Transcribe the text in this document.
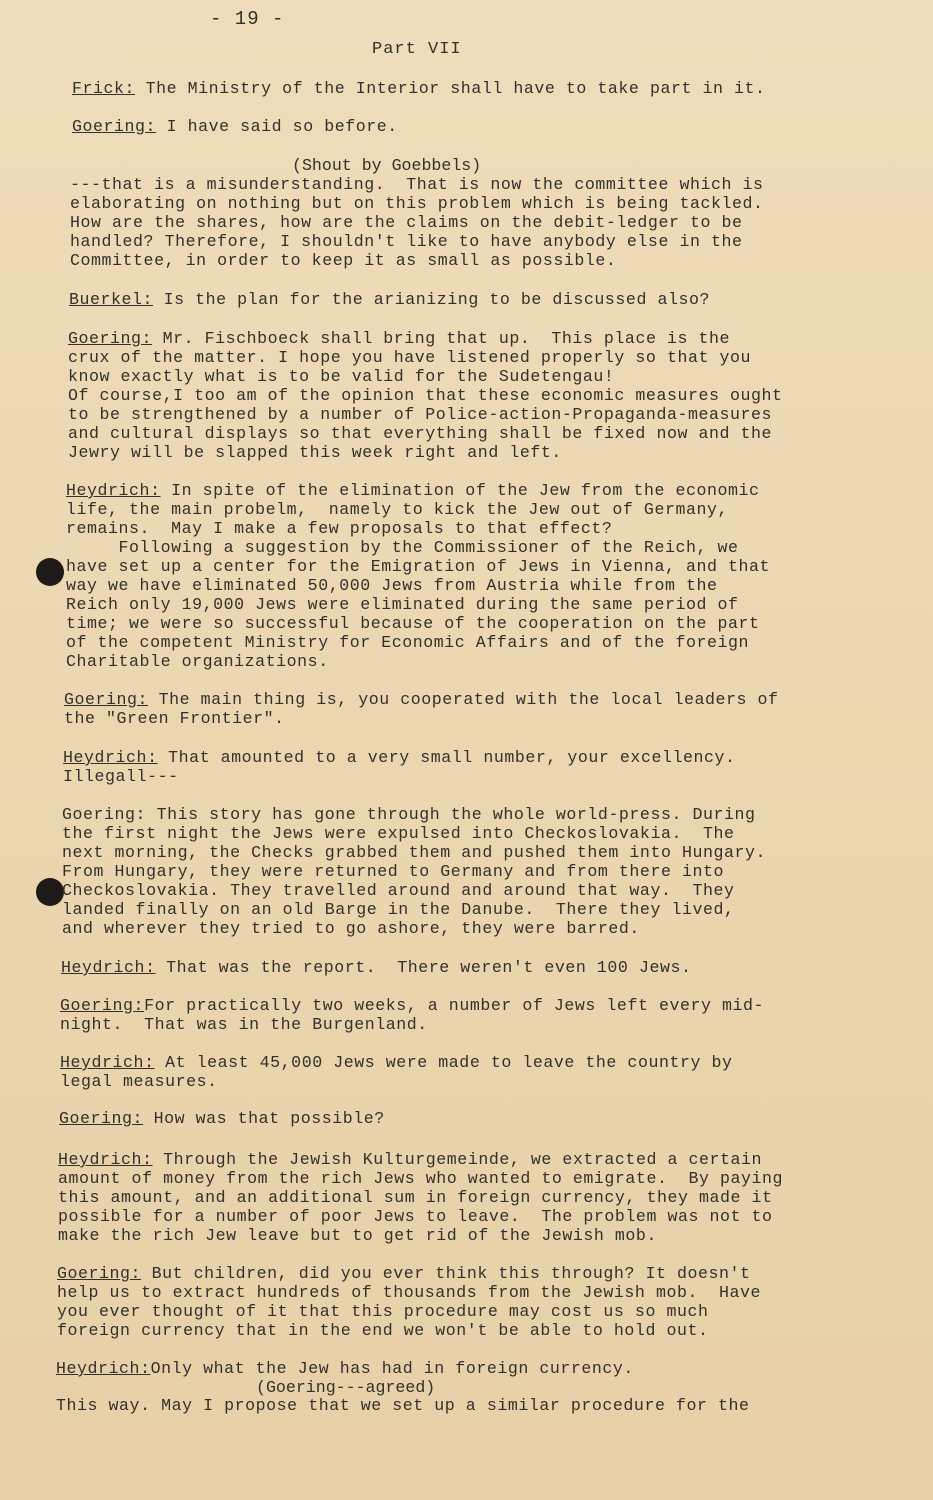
- 19 -
Part VII
Frick: The Ministry of the Interior shall have to take part in it.
Goering: I have said so before.
(Shout by Goebbels)
---that is a misunderstanding.  That is now the committee which is
elaborating on nothing but on this problem which is being tackled.
How are the shares, how are the claims on the debit-ledger to be
handled? Therefore, I shouldn't like to have anybody else in the
Committee, in order to keep it as small as possible.
Buerkel: Is the plan for the arianizing to be discussed also?
Goering: Mr. Fischboeck shall bring that up.  This place is the
crux of the matter. I hope you have listened properly so that you
know exactly what is to be valid for the Sudetengau!
Of course,I too am of the opinion that these economic measures ought
to be strengthened by a number of Police-action-Propaganda-measures
and cultural displays so that everything shall be fixed now and the
Jewry will be slapped this week right and left.
Heydrich: In spite of the elimination of the Jew from the economic
life, the main probelm,  namely to kick the Jew out of Germany,
remains.  May I make a few proposals to that effect?
Following a suggestion by the Commissioner of the Reich, we
have set up a center for the Emigration of Jews in Vienna, and that
way we have eliminated 50,000 Jews from Austria while from the
Reich only 19,000 Jews were eliminated during the same period of
time; we were so successful because of the cooperation on the part
of the competent Ministry for Economic Affairs and of the foreign
Charitable organizations.
Goering: The main thing is, you cooperated with the local leaders of
the "Green Frontier".
Heydrich: That amounted to a very small number, your excellency.
Illegall---
Goering: This story has gone through the whole world-press. During
the first night the Jews were expulsed into Checkoslovakia.  The
next morning, the Checks grabbed them and pushed them into Hungary.
From Hungary, they were returned to Germany and from there into
Checkoslovakia. They travelled around and around that way.  They
landed finally on an old Barge in the Danube.  There they lived,
and wherever they tried to go ashore, they were barred.
Heydrich: That was the report.  There weren't even 100 Jews.
Goering:For practically two weeks, a number of Jews left every mid-
night.  That was in the Burgenland.
Heydrich: At least 45,000 Jews were made to leave the country by
legal measures.
Goering: How was that possible?
Heydrich: Through the Jewish Kulturgemeinde, we extracted a certain
amount of money from the rich Jews who wanted to emigrate.  By paying
this amount, and an additional sum in foreign currency, they made it
possible for a number of poor Jews to leave.  The problem was not to
make the rich Jew leave but to get rid of the Jewish mob.
Goering: But children, did you ever think this through? It doesn't
help us to extract hundreds of thousands from the Jewish mob.  Have
you ever thought of it that this procedure may cost us so much
foreign currency that in the end we won't be able to hold out.
Heydrich:Only what the Jew has had in foreign currency.
(Goering---agreed)
This way. May I propose that we set up a similar procedure for the
